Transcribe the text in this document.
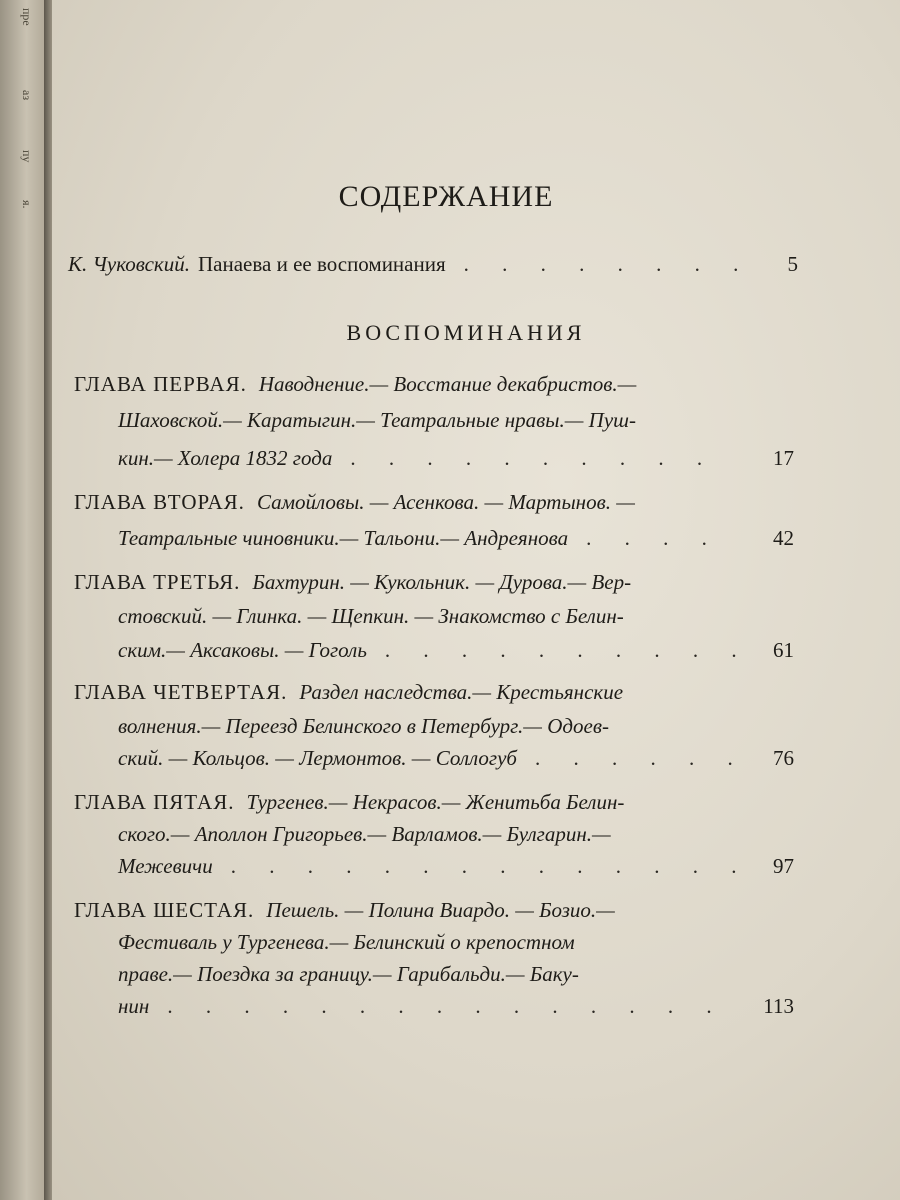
пре
аз
пу
я.	СОДЕРЖАНИЕ
К. Чуковский. Панаева и ее воспоминания . . .	5
ВОСПОМИНАНИЯ
ГЛАВА ПЕРВАЯ. Наводнение.— Восстание декабристов.—
Шаховской.— Каратыгин.— Театральные нравы.— Пуш-
кин.— Холера 1832 года . . .	17
ГЛАВА ВТОРАЯ. Самойловы. — Асенкова. — Мартынов. —
Театральные чиновники.— Тальони.— Андреянова . . .	42
ГЛАВА ТРЕТЬЯ. Бахтурин. — Кукольник. — Дурова.— Вер-
стовский. — Глинка. — Щепкин. — Знакомство с Белин-
ским.— Аксаковы. — Гоголь . . .	61
ГЛАВА ЧЕТВЕРТАЯ. Раздел наследства.— Крестьянские
волнения.— Переезд Белинского в Петербург.— Одоев-
ский. — Кольцов. — Лермонтов. — Соллогуб . . .	76
ГЛАВА ПЯТАЯ. Тургенев.— Некрасов.— Женитьба Белин-
ского.— Аполлон Григорьев.— Варламов.— Булгарин.—
Межевичи . . .	97
ГЛАВА ШЕСТАЯ. Пешель. — Полина Виардо. — Бозио.—
Фестиваль у Тургенева.— Белинский о крепостном
праве.— Поездка за границу.— Гарибальди.— Баку-
нин . . .	113
